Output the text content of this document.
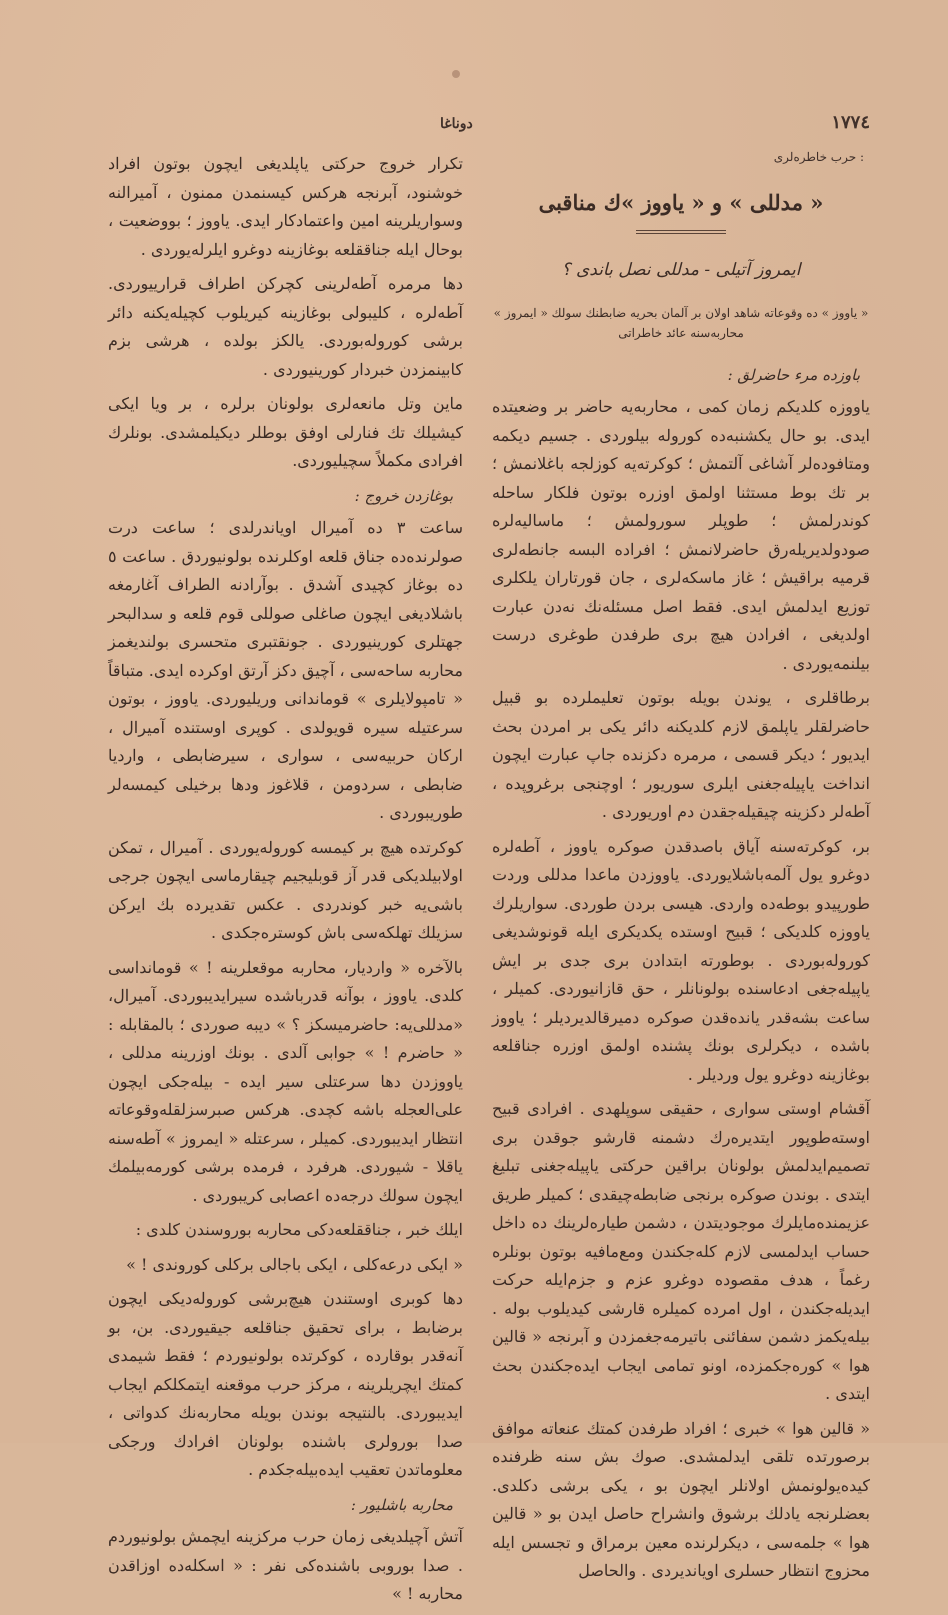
دوناغا	١٧٧٤
حرب خاطره‌لری :
« مدللی » و « یاووز »ك مناقبی
ایمروز آتیلی - مدللی نصل باندی ؟
« یاووز » ده وقوعاته شاهد اولان بر آلمان بحریه ضابطنك سولك « ایمروز » محاربه‌سنه عائد خاطراتی
باوزده مرء حاضرلق :

یاووزه کلدیکم زمان کمی ، محاربه‌یه حاضر بر وضعیتده ایدی. بو حال یکشنبه‌ده کوروله بیلوردی . جسیم دیکمه ومتافوده‌لر آشاغی آلتمش ؛ کوکرته‌یه کوزلجه باغلانمش ؛ بر تك بوط مستثنا اولمق اوزره بوتون فلکار ساحله کوندرلمش ؛ طوپلر سورولمش ؛ ماسالیه‌لره صودولدیریله‌رق حاضرلانمش ؛ افراده البسه جانطه‌لری قرمیه براقیش ؛ غاز ماسکه‌لری ، جان قورتاران یلکلری توزیع ایدلمش ایدی. فقط اصل مسئله‌نك نه‌دن عبارت اولدیغی ، افرادن هیچ بری طرفدن طوغری درست بیلنمه‌یوردی .

برطاقلری ، یوندن بویله بوتون تعلیملرده بو قبیل حاضرلقلر یاپلمق لازم کلدیکنه دائر یکی بر امردن بحث ایدیور ؛ دیکر قسمی ، مرمره دکزنده جاپ عبارت ایچون انداخت یاپیله‌جغنی ایلری سوریور ؛ اوچنجی برغروپده ، آطه‌لر دکزینه چیقیله‌جقدن دم اوریوردی .

بر، کوکرته‌سنه آیاق باصدقدن صوکره یاووز ، آطه‌لره دوغرو یول آلمه‌باشلایوردی. یاووزدن ماعدا مدللی وردت طورپیدو بوطه‌ده واردی. هیسی بردن طوردی. سواریلرك یاووزه کلدیکی ؛ قبیح اوستده یکدیکری ایله قونوشدیغی کوروله‌بوردی . بوطورته ابتدادن بری جدی بر ایش یاپیله‌جغی ادعاسنده بولونانلر ، حق قازانیوردی. کمیلر ، ساعت بشه‌قدر یانده‌قدن صوکره دمیرقالدیردیلر ؛ یاووز باشده ، دیکرلری بونك پشنده اولمق اوزره جناقلعه بوغازینه دوغرو یول وردیلر .

آقشام اوستی سواری ، حقیقی سوپلهدی . افرادی قبیح اوسته‌طوپور ایتدیره‌رك دشمنه قارشو جوقدن بری تصمیم‌ایدلمش بولونان براقین حرکتی یاپیله‌جغنی تبلیغ ایتدی . بوندن صوکره برنجی ضابطه‌چیقدی ؛ کمیلر طریق عزیمنده‌مایلرك موجودیتدن ، دشمن طیاره‌لرینك ده داخل حساب ایدلمسی لازم کله‌جکندن ومع‌مافیه بوتون بونلره رغماً ، هدف مقصوده دوغرو عزم و جزم‌ایله حرکت ایدیله‌جکندن ، اول امرده کمیلره قارشی کیدیلوب بوله . بیله‌یکمز دشمن سفائنی باتیرمه‌جغمزدن و آبرنجه « قالین هوا » کوره‌جکمزده، اونو تمامی ایجاب ایده‌جکندن بحث ایتدی .

« قالین هوا » خبری ؛ افراد طرفدن کمتك عنعاته موافق برصورتده تلقی ایدلمشدی. صوك بش سنه ظرفنده کیده‌یولونمش اولانلر ایچون بو ، یکی برشی دکلدی. بعضلرنجه یادلك برشوق وانشراح حاصل ایدن بو « قالین هوا » جلمه‌سی ، دیکرلرنده معین برمراق و تجسس ایله محزوج انتظار حسلری اویاندیردی . والحاصل

تکرار خروج حرکتی یاپلدیغی ایچون بوتون افراد خوشنود، آبرنجه هرکس کیسنمدن ممنون ، آمیرالنه وسواریلرینه امین واعتمادکار ایدی. یاووز ؛ بووضعیت ، بوحال ایله جناققلعه بوغازینه دوغرو ایلرله‌یوردی .

دها مرمره آطه‌لرینی کچرکن اطراف قرارییوردی. آطه‌لره ، کلیبولی بوغازینه کیریلوب کچیله‌یکنه دائر برشی کوروله‌بوردی. یالکز بولده ، هرشی بزم کابینمزدن خبردار کورینیوردی .

ماین وتل مانعه‌لری بولونان برلره ، بر ویا ایکی کیشیلك تك فنارلی اوفق بوطلر دیکیلمشدی. بونلرك افرادی مکملاً سچیلیوردی.

بوغازدن خروج :

ساعت ٣ ده آمیرال اویاندرلدی ؛ ساعت درت صولرنده‌ده جناق قلعه اوکلرنده بولونیوردق . ساعت ٥ ده بوغاز کچیدی آشدق . بوآرادنه الطراف آغارمغه باشلادیغی ایچون صاغلی صوللی قوم قلعه و سدالبحر جهتلری کورینیوردی . جونقتبری متحسری بولندیغمز محاربه ساحه‌سی ، آچیق دکز آرتق اوکرده ایدی. متباقاً « تامپولایلری » قوماندانی وریلیوردی. یاووز ، بوتون سرعتیله سیره قویولدی . کوپری اوستنده آمیرال ، ارکان حربیه‌سی ، سواری ، سیرضابطی ، واردیا ضابطی ، سردومن ، قلاغوز ودها برخیلی کیمسه‌لر طوریبوردی .

کوکرتده هیچ بر کیمسه کوروله‌یوردی . آمیرال ، تمکن اولابیلدیکی قدر آز قوبلیجیم چیقارماسی ایچون جرجی باشی‌یه خبر کوندردی . عکس تقدیرده بك ایرکن سزیلك تهلکه‌سی باش کوستره‌جکدی .

بالآخره « واردیار، محاربه موقعلرینه ! » قومانداسی کلدی. یاووز ، بوآنه قدرباشده سیرایدیبوردی. آمیرال، «مدللی‌یه: حاضرمیسکز ؟ » دیبه صوردی ؛ بالمقابله : « حاضرم ! » جوابی آلدی . بونك اوزرینه مدللی ، یاووزدن دها سرعتلی سیر ایده - بیله‌جکی ایچون علی‌العجله باشه کچدی. هرکس صبرسزلقله‌وقوعاته انتظار ایدیبوردی. کمیلر ، سرعتله « ایمروز » آطه‌سنه یاقلا - شیوردی. هرفرد ، فرمده برشی کورمه‌بیلمك ایچون سولك درجه‌ده اعصابی کریبوردی .

ایلك خبر ، جناققلعه‌دکی محاربه بوروسندن کلدی :

« ایکی درعه‌کلی ، ایکی باجالی برکلی کوروندی ! »

دها کوبری اوستندن هیچ‌برشی کوروله‌دیکی ایچون برضابط ، برای تحقیق جناقلعه جیقیوردی. بن، بو آنه‌قدر بوقارده ، کوکرتده بولونیوردم ؛ فقط شیمدی کمتك ایچریلرینه ، مرکز حرب موقعنه ایتمکلکم ایجاب ایدیبوردی. بالنتیجه بوندن بویله محاربه‌نك کدواتی ، صدا بورولری باشنده بولونان افرادك ورجکی معلوماتدن تعقیب ایده‌بیله‌جکدم .

محاربه باشلیور :

آتش آچیلدیغی زمان حرب مرکزینه ایچمش بولونیوردم . صدا بوروبی باشنده‌کی نفر : « اسکله‌ده اوزاقدن محاربه ! »
